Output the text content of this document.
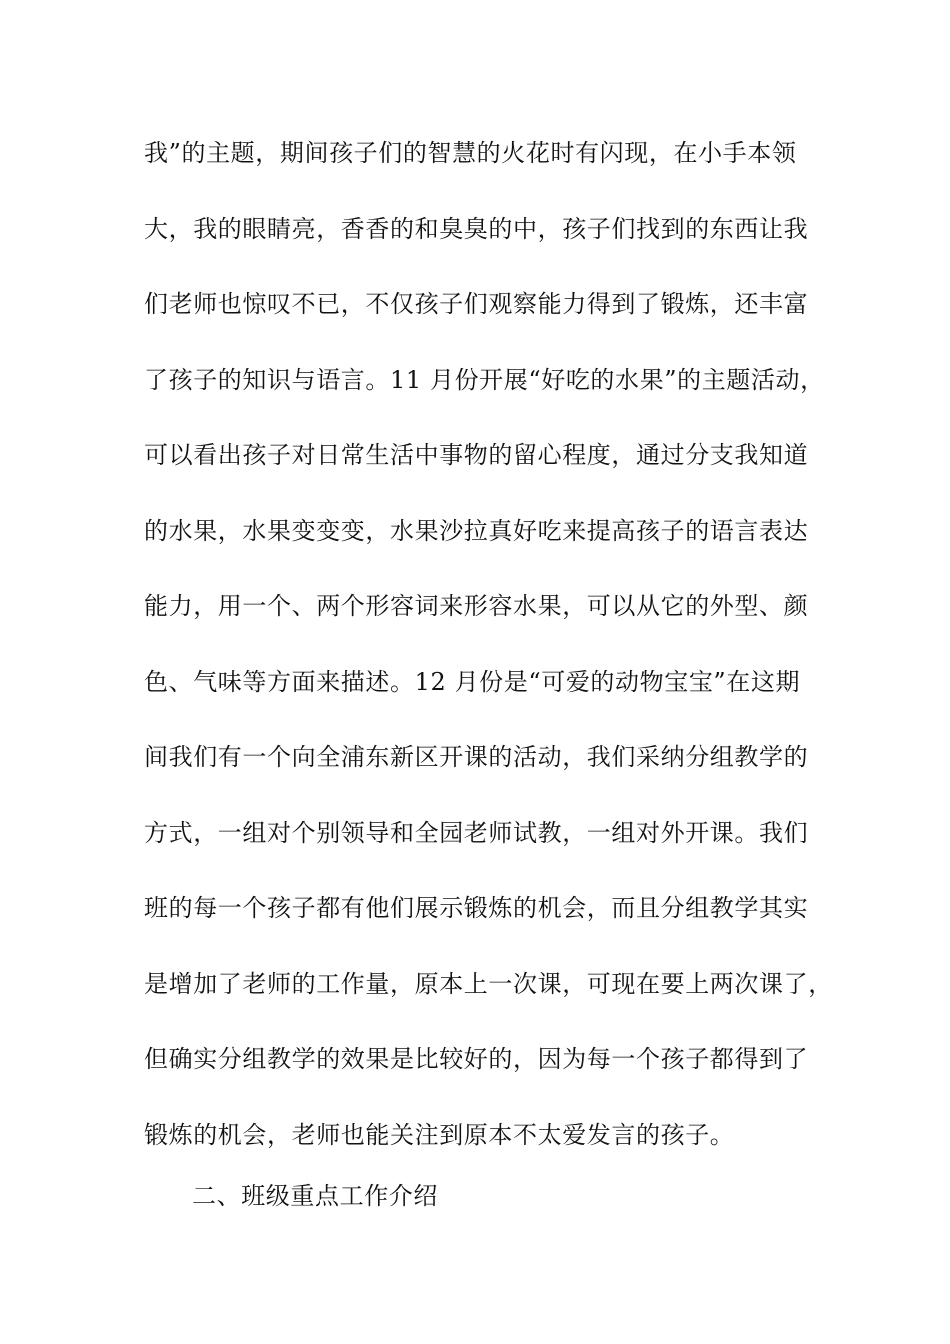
我”的主题，期间孩子们的智慧的火花时有闪现，在小手本领
大，我的眼睛亮，香香的和臭臭的中，孩子们找到的东西让我
们老师也惊叹不已，不仅孩子们观察能力得到了锻炼，还丰富
了孩子的知识与语言。11 月份开展“好吃的水果”的主题活动，
可以看出孩子对日常生活中事物的留心程度，通过分支我知道
的水果，水果变变变，水果沙拉真好吃来提高孩子的语言表达
能力，用一个、两个形容词来形容水果，可以从它的外型、颜
色、气味等方面来描述。12 月份是“可爱的动物宝宝”在这期
间我们有一个向全浦东新区开课的活动，我们采纳分组教学的
方式，一组对个别领导和全园老师试教，一组对外开课。我们
班的每一个孩子都有他们展示锻炼的机会，而且分组教学其实
是增加了老师的工作量，原本上一次课，可现在要上两次课了，
但确实分组教学的效果是比较好的，因为每一个孩子都得到了
锻炼的机会，老师也能关注到原本不太爱发言的孩子。
二、班级重点工作介绍
